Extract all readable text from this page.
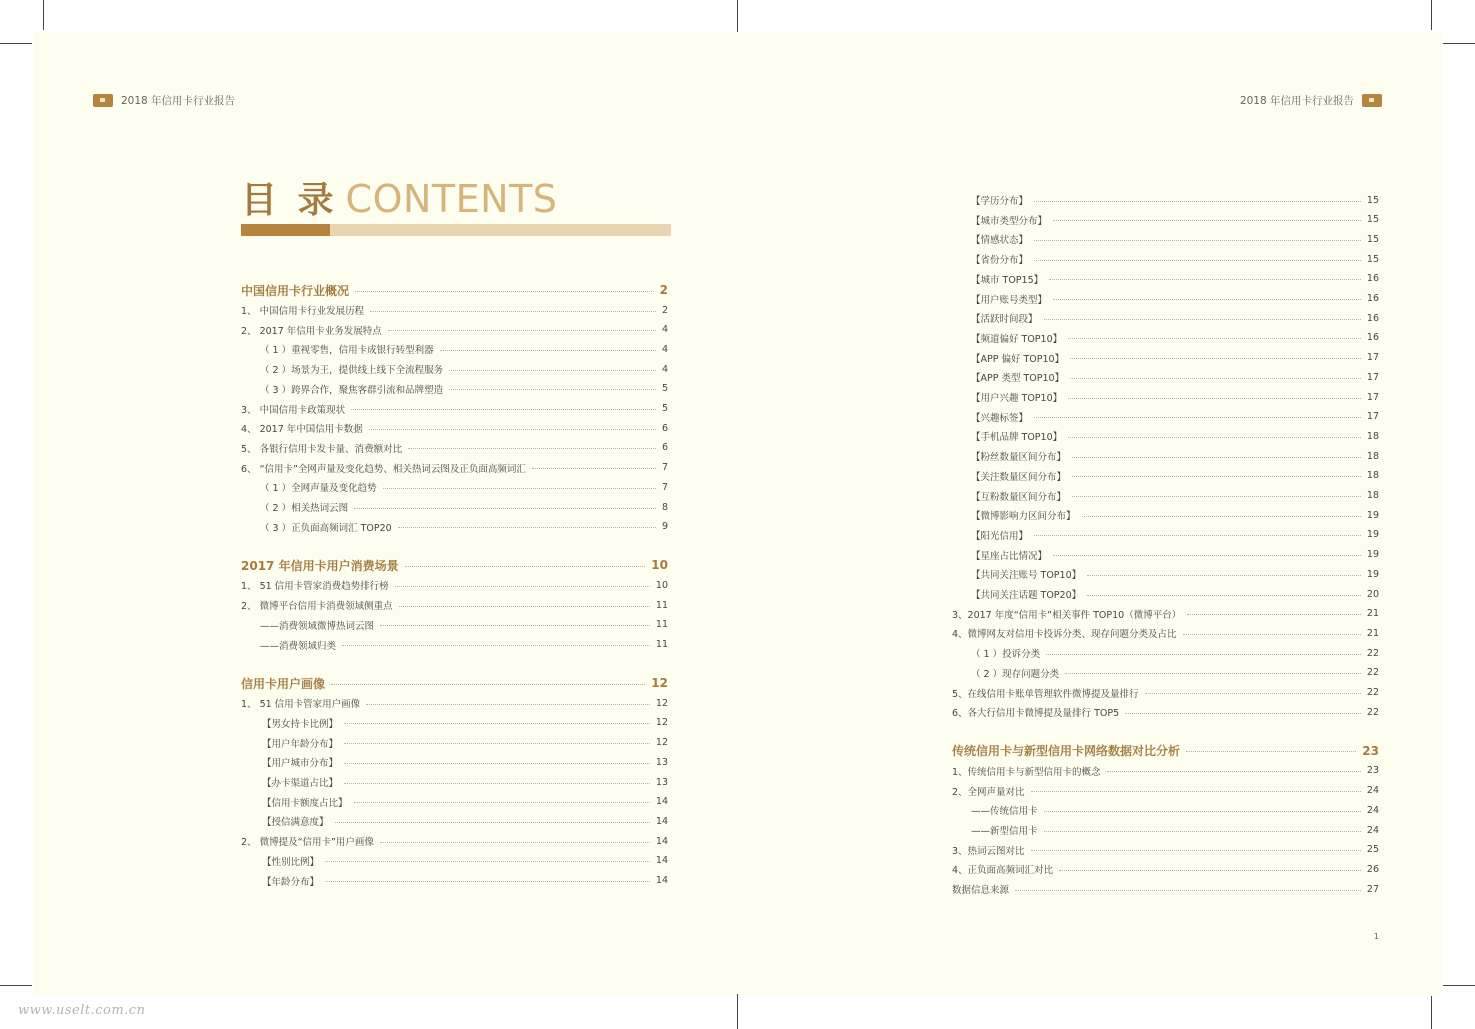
2018 年信用卡行业报告	2018 年信用卡行业报告
目 录 CONTENTS
中国信用卡行业概况	2
1、 中国信用卡行业发展历程	2
2、 2017 年信用卡业务发展特点	4
（ 1 ）重视零售，信用卡成银行转型利器	4
（ 2 ）场景为王，提供线上线下全流程服务	4
（ 3 ）跨界合作，聚焦客群引流和品牌塑造	5
3、 中国信用卡政策现状	5
4、 2017 年中国信用卡数据	6
5、 各银行信用卡发卡量、消费额对比	6
6、 “信用卡”全网声量及变化趋势、相关热词云图及正负面高频词汇	7
（ 1 ）全网声量及变化趋势	7
（ 2 ）相关热词云图	8
（ 3 ）正负面高频词汇 TOP20	9
2017 年信用卡用户消费场景	10
1、 51 信用卡管家消费趋势排行榜	10
2、 微博平台信用卡消费领域侧重点	11
——消费领域微博热词云图	11
——消费领域归类	11
信用卡用户画像	12
1、 51 信用卡管家用户画像	12
【男女持卡比例】	12
【用户年龄分布】	12
【用户城市分布】	13
【办卡渠道占比】	13
【信用卡额度占比】	14
【授信满意度】	14
2、 微博提及“信用卡”用户画像	14
【性别比例】	14
【年龄分布】	14
【学历分布】	15
【城市类型分布】	15
【情感状态】	15
【省份分布】	15
【城市 TOP15】	16
【用户账号类型】	16
【活跃时间段】	16
【频道偏好 TOP10】	16
【APP 偏好 TOP10】	17
【APP 类型 TOP10】	17
【用户兴趣 TOP10】	17
【兴趣标签】	17
【手机品牌 TOP10】	18
【粉丝数量区间分布】	18
【关注数量区间分布】	18
【互粉数量区间分布】	18
【微博影响力区间分布】	19
【阳光信用】	19
【星座占比情况】	19
【共同关注账号 TOP10】	19
【共同关注话题 TOP20】	20
3、2017 年度“信用卡”相关事件 TOP10（微博平台）	21
4、微博网友对信用卡投诉分类、现存问题分类及占比	21
（ 1 ）投诉分类	22
（ 2 ）现存问题分类	22
5、在线信用卡账单管理软件微博提及量排行	22
6、各大行信用卡微博提及量排行 TOP5	22
传统信用卡与新型信用卡网络数据对比分析	23
1、传统信用卡与新型信用卡的概念	23
2、全网声量对比	24
——传统信用卡	24
——新型信用卡	24
3、热词云图对比	25
4、正负面高频词汇对比	26
数据信息来源	27
1
www.uselt.com.cn
